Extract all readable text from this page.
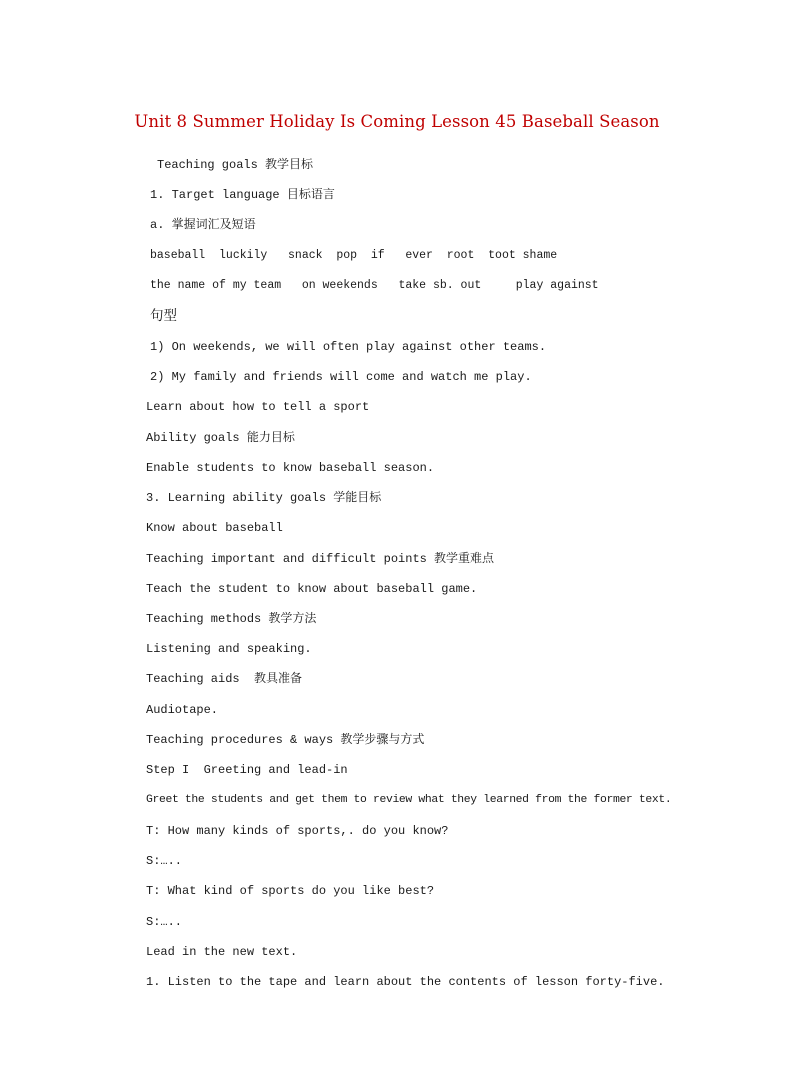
Unit 8 Summer Holiday Is Coming Lesson 45 Baseball Season
Teaching goals 教学目标
1. Target language 目标语言
a. 掌握词汇及短语
baseball  luckily   snack  pop  if   ever  root  toot shame
the name of my team   on weekends   take sb. out     play against
句型
1) On weekends, we will often play against other teams.
2) My family and friends will come and watch me play.
Learn about how to tell a sport
Ability goals 能力目标
Enable students to know baseball season.
3. Learning ability goals 学能目标
Know about baseball
Teaching important and difficult points 教学重难点
Teach the student to know about baseball game.
Teaching methods 教学方法
Listening and speaking.
Teaching aids  教具准备
Audiotape.
Teaching procedures & ways 教学步骤与方式
Step I  Greeting and lead-in
Greet the students and get them to review what they learned from the former text.
T: How many kinds of sports,. do you know?
S:…..
T: What kind of sports do you like best?
S:…..
Lead in the new text.
1. Listen to the tape and learn about the contents of lesson forty-five.
